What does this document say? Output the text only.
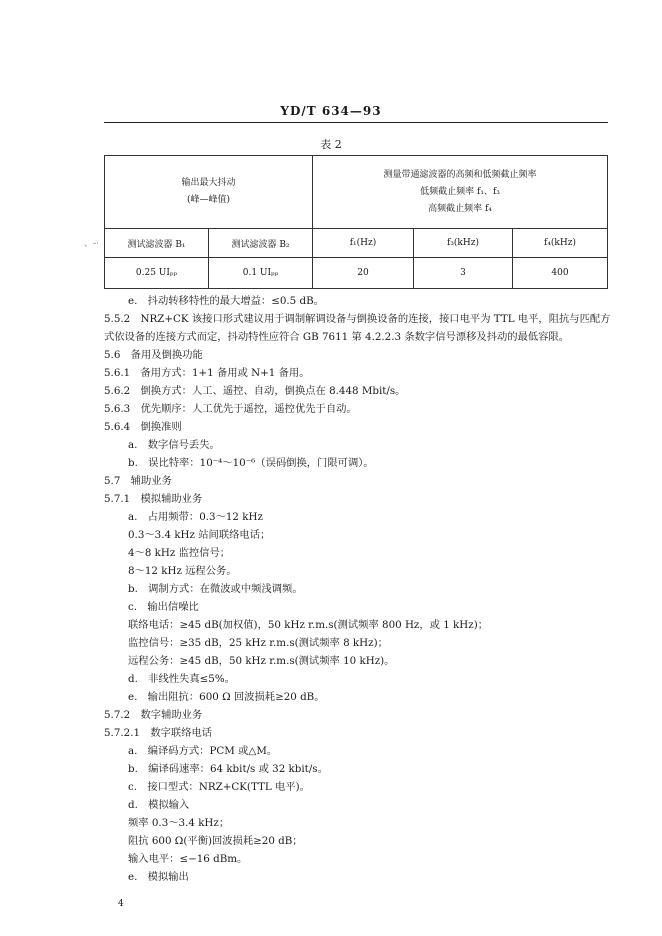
YD/T 634—93
表 2
输出最大抖动
(峰—峰值)		测量带通滤波器的高频和低频截止频率
低频截止频率 f₁、f₃
高频截止频率 f₄		

测试滤波器 B₁	测试滤波器 B₂	f₁(Hz)	f₃(kHz)	f₄(kHz)
0.25 UIₚₚ	0.1 UIₚₚ	20	3	400
、-·
e.　抖动转移特性的最大增益：≤0.5 dB。
5.5.2　NRZ+CK 该接口形式建议用于调制解调设备与倒换设备的连接，接口电平为 TTL 电平，阻抗与匹配方式依设备的连接方式而定，抖动特性应符合 GB 7611 第 4.2.2.3 条数字信号漂移及抖动的最低容限。
5.6　备用及倒换功能
5.6.1　备用方式：1+1 备用或 N+1 备用。
5.6.2　倒换方式：人工、遥控、自动，倒换点在 8.448 Mbit/s。
5.6.3　优先顺序：人工优先于遥控，遥控优先于自动。
5.6.4　倒换准则
a.　数字信号丢失。
b.　误比特率：10⁻⁴～10⁻⁶（误码倒换，门限可调）。
5.7　辅助业务
5.7.1　模拟辅助业务
a.　占用频带：0.3～12 kHz
0.3～3.4 kHz 站间联络电话；
4～8 kHz 监控信号；
8～12 kHz 远程公务。
b.　调制方式：在微波或中频浅调频。
c.　输出信噪比
联络电话：≥45 dB(加权值)，50 kHz r.m.s(测试频率 800 Hz，或 1 kHz)；
监控信号：≥35 dB，25 kHz r.m.s(测试频率 8 kHz)；
远程公务：≥45 dB，50 kHz r.m.s(测试频率 10 kHz)。
d.　非线性失真≤5%。
e.　输出阻抗：600 Ω 回波损耗≥20 dB。
5.7.2　数字辅助业务
5.7.2.1　数字联络电话
a.　编译码方式：PCM 或△M。
b.　编译码速率：64 kbit/s 或 32 kbit/s。
c.　接口型式：NRZ+CK(TTL 电平)。
d.　模拟输入
频率 0.3～3.4 kHz；
阻抗 600 Ω(平衡)回波损耗≥20 dB；
输入电平：≤−16 dBm。
e.　模拟输出
4
